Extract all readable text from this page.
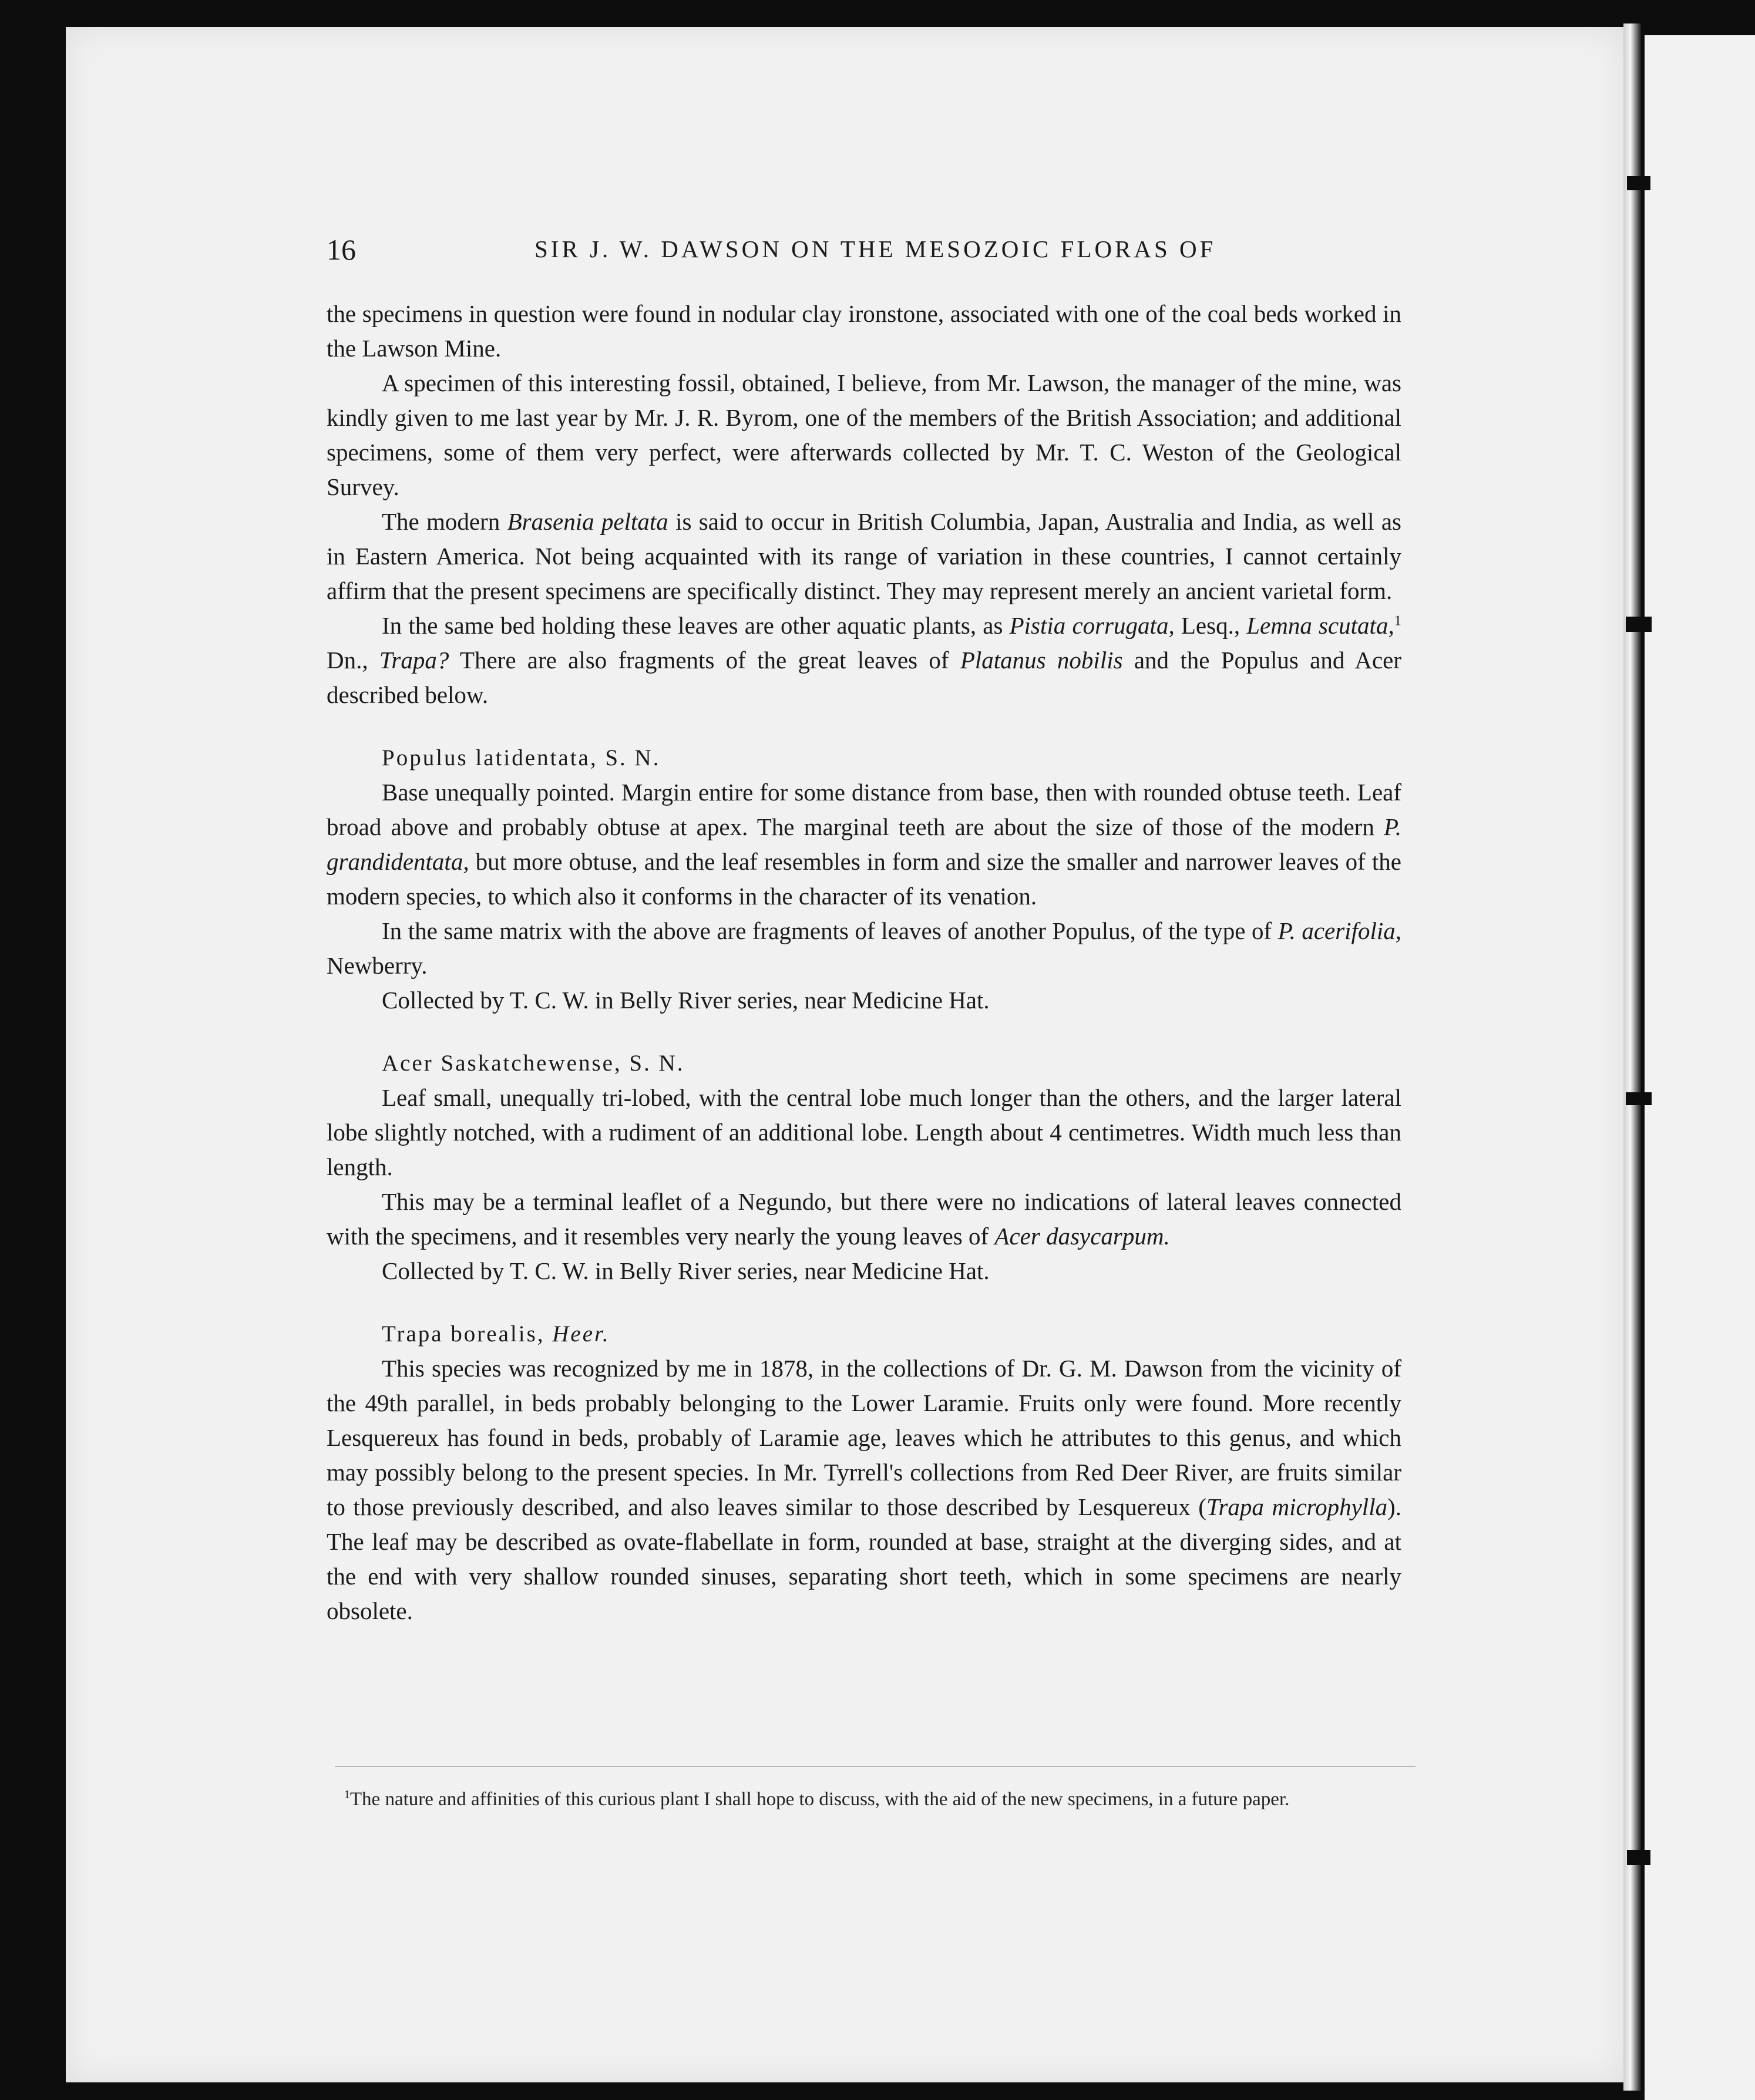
16	SIR J. W. DAWSON ON THE MESOZOIC FLORAS OF

the specimens in question were found in nodular clay ironstone, associated with one of the coal beds worked in the Lawson Mine.

A specimen of this interesting fossil, obtained, I believe, from Mr. Lawson, the manager of the mine, was kindly given to me last year by Mr. J. R. Byrom, one of the members of the British Association; and additional specimens, some of them very perfect, were afterwards collected by Mr. T. C. Weston of the Geological Survey.

The modern Brasenia peltata is said to occur in British Columbia, Japan, Australia and India, as well as in Eastern America. Not being acquainted with its range of variation in these countries, I cannot certainly affirm that the present specimens are specifically distinct. They may represent merely an ancient varietal form.

In the same bed holding these leaves are other aquatic plants, as Pistia corrugata, Lesq., Lemna scutata,$^1$ Dn., Trapa? There are also fragments of the great leaves of Platanus nobilis and the Populus and Acer described below.

Populus latidentata, S. N.

Base unequally pointed. Margin entire for some distance from base, then with rounded obtuse teeth. Leaf broad above and probably obtuse at apex. The marginal teeth are about the size of those of the modern P. grandidentata, but more obtuse, and the leaf resembles in form and size the smaller and narrower leaves of the modern species, to which also it conforms in the character of its venation.

In the same matrix with the above are fragments of leaves of another Populus, of the type of P. acerifolia, Newberry.

Collected by T. C. W. in Belly River series, near Medicine Hat.

Acer Saskatchewense, S. N.

Leaf small, unequally tri-lobed, with the central lobe much longer than the others, and the larger lateral lobe slightly notched, with a rudiment of an additional lobe. Length about 4 centimetres. Width much less than length.

This may be a terminal leaflet of a Negundo, but there were no indications of lateral leaves connected with the specimens, and it resembles very nearly the young leaves of Acer dasycarpum.

Collected by T. C. W. in Belly River series, near Medicine Hat.

Trapa borealis, Heer.

This species was recognized by me in 1878, in the collections of Dr. G. M. Dawson from the vicinity of the 49th parallel, in beds probably belonging to the Lower Laramie. Fruits only were found. More recently Lesquereux has found in beds, probably of Laramie age, leaves which he attributes to this genus, and which may possibly belong to the present species. In Mr. Tyrrell's collections from Red Deer River, are fruits similar to those previously described, and also leaves similar to those described by Lesquereux (Trapa microphylla). The leaf may be described as ovate-flabellate in form, rounded at base, straight at the diverging sides, and at the end with very shallow rounded sinuses, separating short teeth, which in some specimens are nearly obsolete.

$^1$The nature and affinities of this curious plant I shall hope to discuss, with the aid of the new specimens, in a future paper.
